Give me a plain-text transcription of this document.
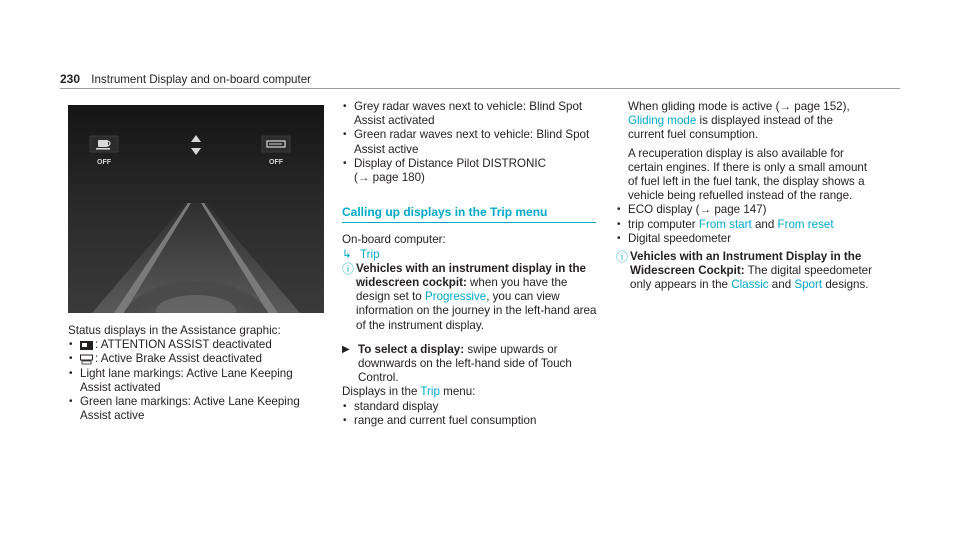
230 Instrument Display and on-board computer
OFF	OFF

Status displays in the Assistance graphic:

• : ATTENTION ASSIST deactivated
• : Active Brake Assist deactivated
• Light lane markings: Active Lane Keeping Assist activated
• Green lane markings: Active Lane Keeping Assist active
• Grey radar waves next to vehicle: Blind Spot Assist activated
• Green radar waves next to vehicle: Blind Spot Assist active
• Display of Distance Pilot DISTRONIC
(→ page 180)
Calling up displays in the Trip menu

On-board computer:

↳ Trip

ⓘ Vehicles with an instrument display in the widescreen cockpit: when you have the design set to Progressive, you can view information on the journey in the left-hand area of the instrument display.

▶ To select a display: swipe upwards or downwards on the left-hand side of Touch Control.

Displays in the Trip menu:

• standard display
• range and current fuel consumption

When gliding mode is active (→ page 152), Gliding mode is displayed instead of the current fuel consumption.

A recuperation display is also available for certain engines. If there is only a small amount of fuel left in the fuel tank, the display shows a vehicle being refuelled instead of the range.

• ECO display (→ page 147)
• trip computer From start and From reset
• Digital speedometer

ⓘ Vehicles with an Instrument Display in the Widescreen Cockpit: The digital speedometer only appears in the Classic and Sport designs.
